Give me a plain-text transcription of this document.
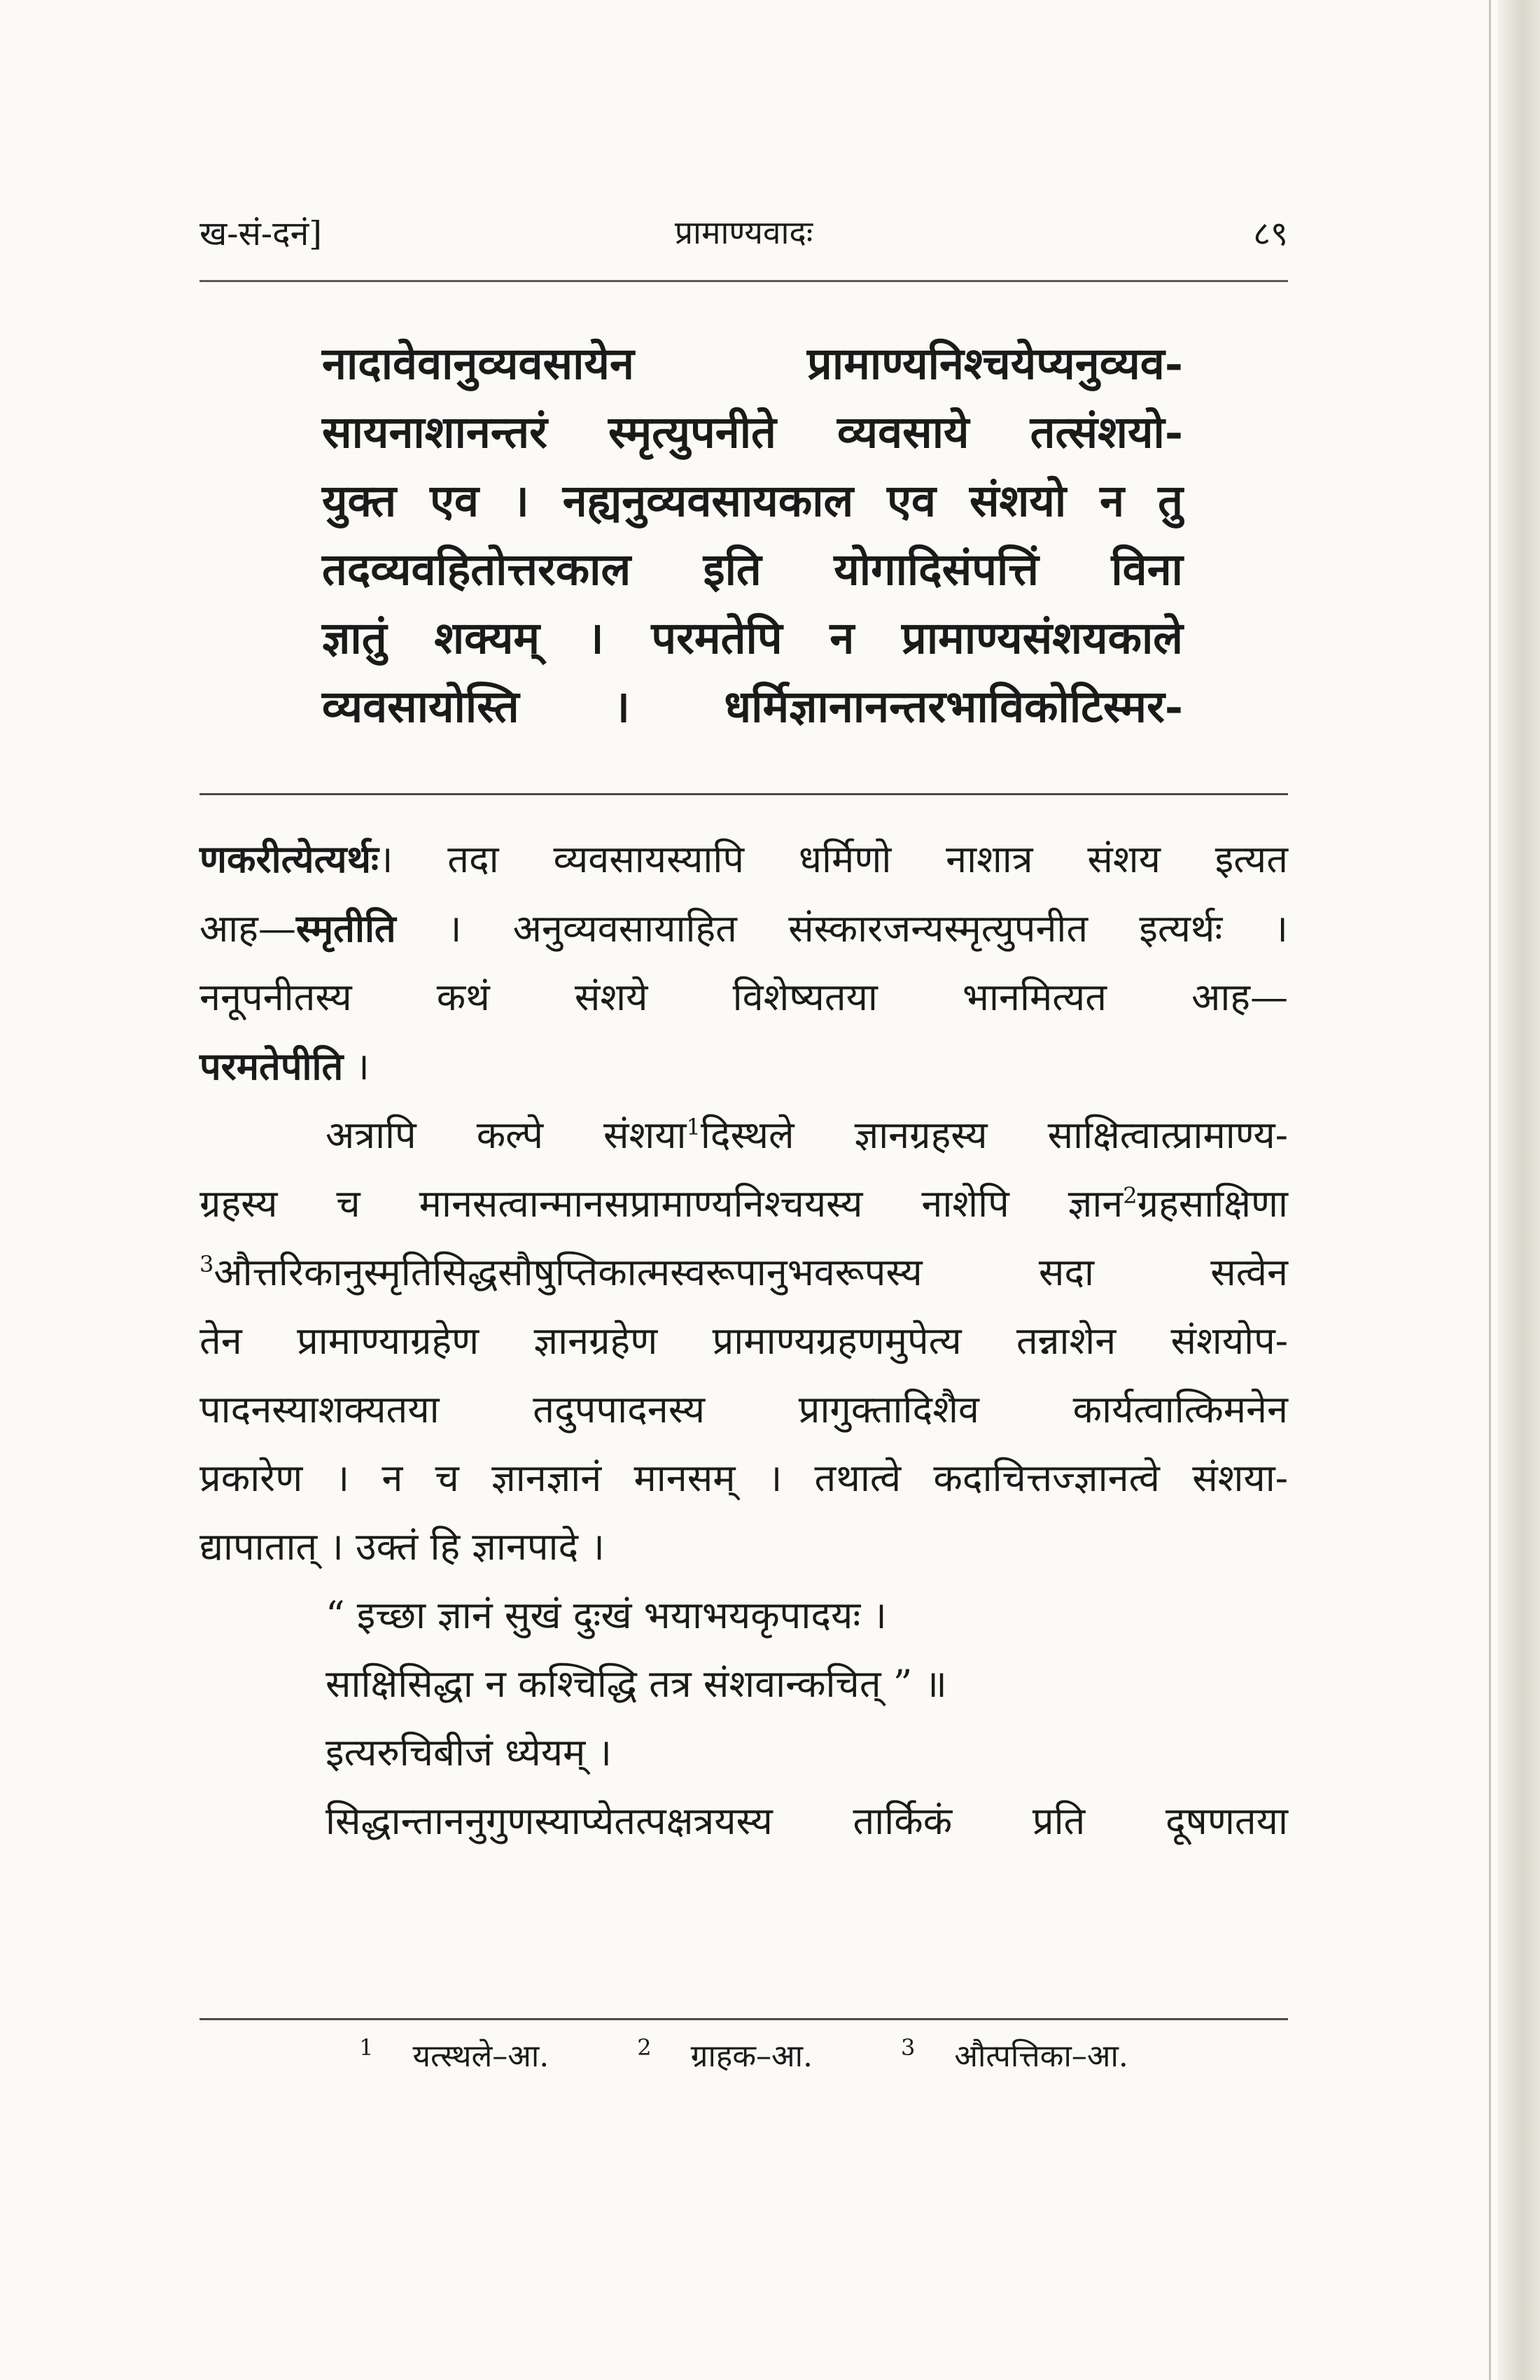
ख-सं-दनं]	प्रामाण्यवादः	८९

नादावेवानुव्यवसायेन प्रामाण्यनिश्चयेप्यनुव्यव-

सायनाशानन्तरं स्मृत्युपनीते व्यवसाये तत्संशयो-

युक्त एव । नह्यनुव्यवसायकाल एव संशयो न तु

तदव्यवहितोत्तरकाल इति योगादिसंपत्तिं विना

ज्ञातुं शक्यम् । परमतेपि न प्रामाण्यसंशयकाले

व्यवसायोस्ति । धर्मिज्ञानानन्तरभाविकोटिस्मर-

णकरीत्येत्यर्थः। तदा व्यवसायस्यापि धर्मिणो नाशात्र संशय इत्यत
आह—स्मृतीति । अनुव्यवसायाहित संस्कारजन्यस्मृत्युपनीत इत्यर्थः ।
ननूपनीतस्य कथं संशये विशेष्यतया भानमित्यत आह—
परमतेपीति ।
अत्रापि कल्पे संशया$^1$दिस्थले ज्ञानग्रहस्य साक्षित्वात्प्रामाण्य-
ग्रहस्य च मानसत्वान्मानसप्रामाण्यनिश्चयस्य नाशेपि ज्ञान$^2$ग्रहसाक्षिणा
$^3$औत्तरिकानुस्मृतिसिद्धसौषुप्तिकात्मस्वरूपानुभवरूपस्य सदा सत्वेन
तेन प्रामाण्याग्रहेण ज्ञानग्रहेण प्रामाण्यग्रहणमुपेत्य तन्नाशेन संशयोप-
पादनस्याशक्यतया तदुपपादनस्य प्रागुक्तादिशैव कार्यत्वात्किमनेन
प्रकारेण । न च ज्ञानज्ञानं मानसम् । तथात्वे कदाचित्तज्ज्ञानत्वे संशया-
द्यापातात् । उक्तं हि ज्ञानपादे ।
“ इच्छा ज्ञानं सुखं दुःखं भयाभयकृपादयः ।
साक्षिसिद्धा न कश्चिद्धि तत्र संशवान्कचित् ” ॥
इत्यरुचिबीजं ध्येयम् ।
सिद्धान्ताननुगुणस्याप्येतत्पक्षत्रयस्य तार्किकं प्रति दूषणतया
$^1$ यत्स्थले–आ.	$^2$ ग्राहक–आ.	$^3$ औत्पत्तिका–आ.
